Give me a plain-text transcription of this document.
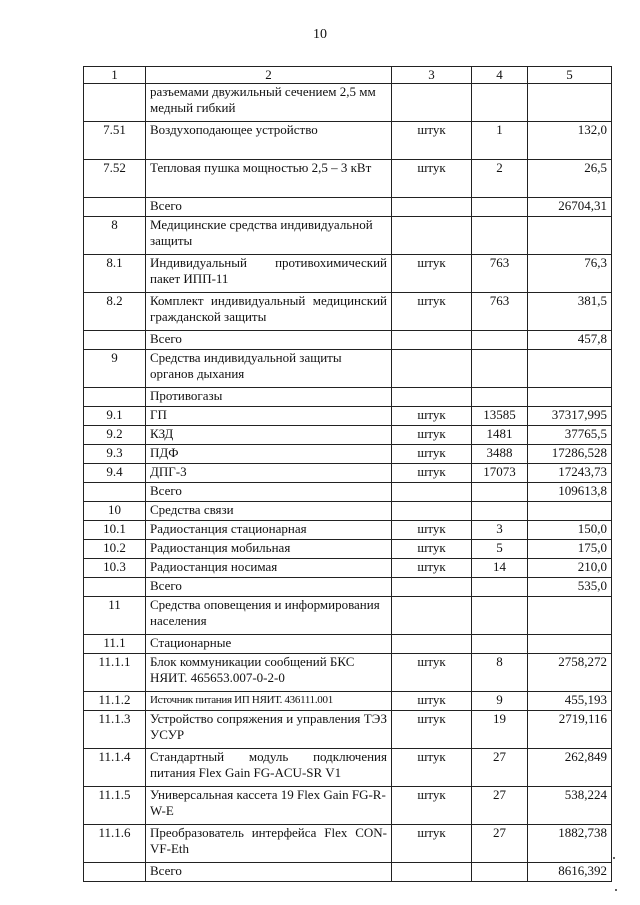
10
1	2	3	4	5
	разъемами двужильный сечением 2,5 мм медный гибкий			
7.51	Воздухоподающее устройство	штук	1	132,0
7.52	Тепловая пушка мощностью 2,5 – 3 кВт	штук	2	26,5
	Всего			26704,31
8	Медицинские средства индивидуальной защиты			
8.1	Индивидуальный противохимический пакет ИПП-11	штук	763	76,3
8.2	Комплект индивидуальный медицинский гражданской защиты	штук	763	381,5
	Всего			457,8
9	Средства индивидуальной защиты органов дыхания			
	Противогазы			
9.1	ГП	штук	13585	37317,995
9.2	КЗД	штук	1481	37765,5
9.3	ПДФ	штук	3488	17286,528
9.4	ДПГ-3	штук	17073	17243,73
	Всего			109613,8
10	Средства связи			
10.1	Радиостанция стационарная	штук	3	150,0
10.2	Радиостанция мобильная	штук	5	175,0
10.3	Радиостанция носимая	штук	14	210,0
	Всего			535,0
11	Средства оповещения и информирования населения			
11.1	Стационарные			
11.1.1	Блок коммуникации сообщений БКС НЯИТ. 465653.007-0-2-0	штук	8	2758,272
11.1.2	Источник питания ИП НЯИТ. 436111.001	штук	9	455,193
11.1.3	Устройство сопряжения и управления ТЭЗ УСУР	штук	19	2719,116
11.1.4	Стандартный модуль подключения питания Flex Gain FG-ACU-SR V1	штук	27	262,849
11.1.5	Универсальная кассета 19 Flex Gain FG-R-W-E	штук	27	538,224
11.1.6	Преобразователь интерфейса Flex CON-VF-Eth	штук	27	1882,738
	Всего			8616,392
